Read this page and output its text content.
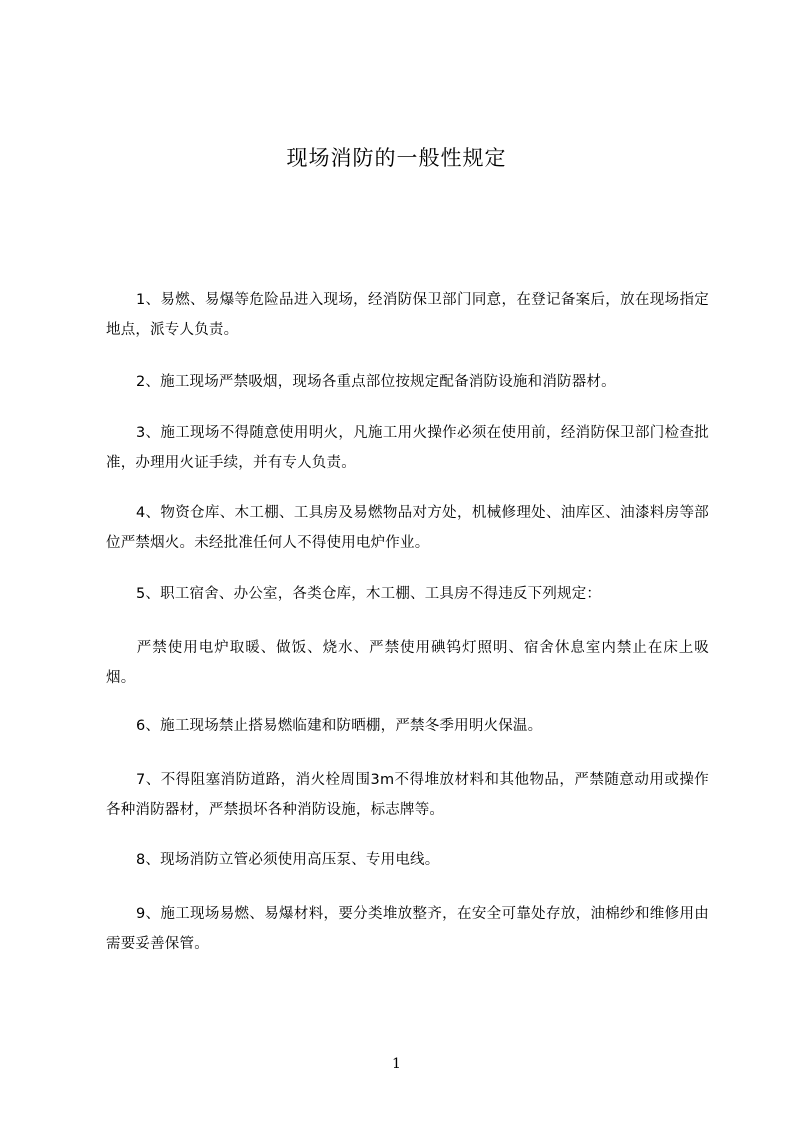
现场消防的一般性规定
1、易燃、易爆等危险品进入现场，经消防保卫部门同意，在登记备案后，放在现场指定地点，派专人负责。
2、施工现场严禁吸烟，现场各重点部位按规定配备消防设施和消防器材。
3、施工现场不得随意使用明火，凡施工用火操作必须在使用前，经消防保卫部门检查批准，办理用火证手续，并有专人负责。
4、物资仓库、木工棚、工具房及易燃物品对方处，机械修理处、油库区、油漆料房等部位严禁烟火。未经批准任何人不得使用电炉作业。
5、职工宿舍、办公室，各类仓库，木工棚、工具房不得违反下列规定：
严禁使用电炉取暖、做饭、烧水、严禁使用碘钨灯照明、宿舍休息室内禁止在床上吸烟。
6、施工现场禁止搭易燃临建和防晒棚，严禁冬季用明火保温。
7、不得阻塞消防道路，消火栓周围3m不得堆放材料和其他物品，严禁随意动用或操作各种消防器材，严禁损坏各种消防设施，标志牌等。
8、现场消防立管必须使用高压泵、专用电线。
9、施工现场易燃、易爆材料，要分类堆放整齐，在安全可靠处存放，油棉纱和维修用由需要妥善保管。
1
